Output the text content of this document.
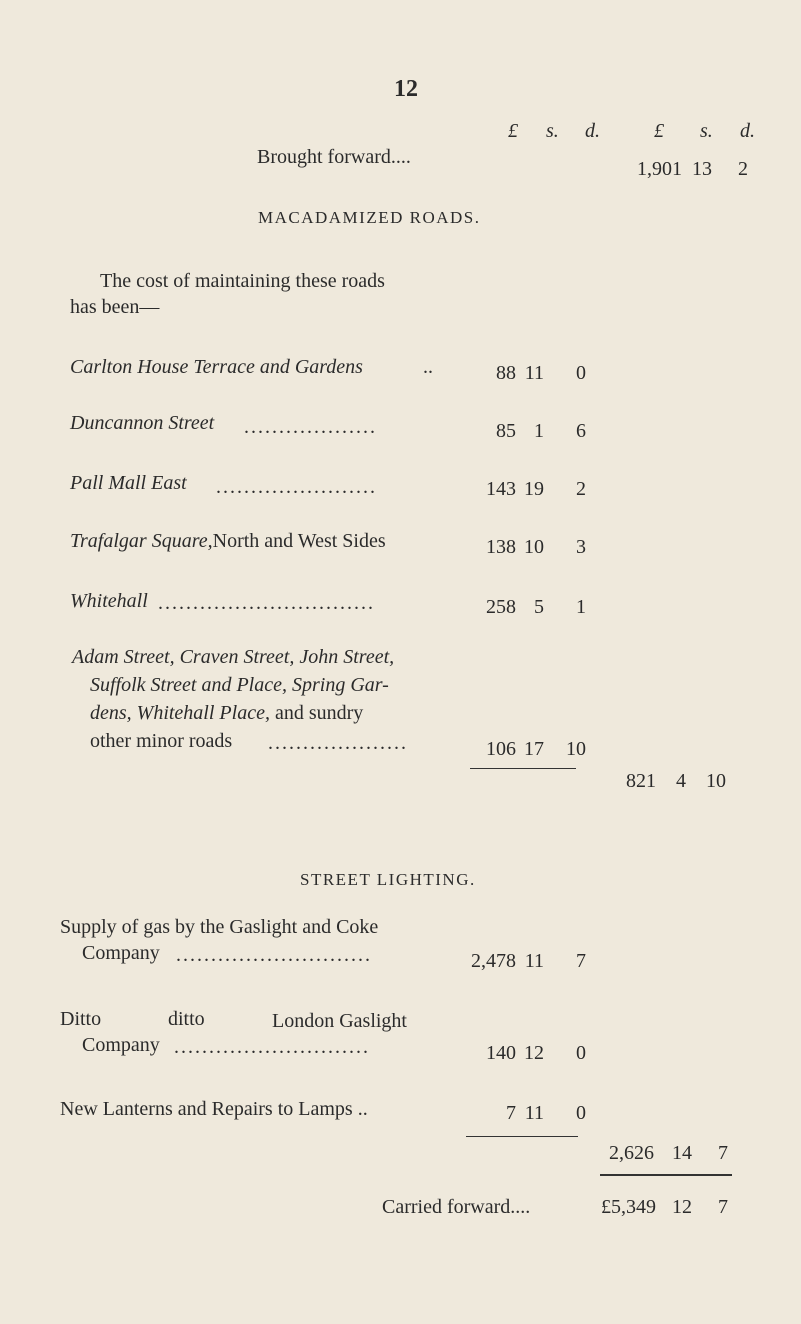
12
£ s. d.	£ s. d.
Brought forward....
1,901 13	2
MACADAMIZED ROADS.
The cost of maintaining these roads
has been—
Carlton House Terrace and Gardens	..	88 11	0
Duncannon Street ...................	85 1	6
Pall Mall East .......................	143 19	2
Trafalgar Square,North and West Sides	138 10	3
Whitehall ...............................	258 5	1
Adam Street, Craven Street, John Street,
Suffolk Street and Place, Spring Gar-
dens, Whitehall Place, and sundry
other minor roads ....................	106 17	10
821 4	10
STREET LIGHTING.
Supply of gas by the Gaslight and Coke
Company ............................	2,478 11	7
Ditto	ditto	London Gaslight
Company ............................	140 12	0
New Lanterns and Repairs to Lamps ..	7 11	0
2,626 14	7
Carried forward....	£5,349 12	7
